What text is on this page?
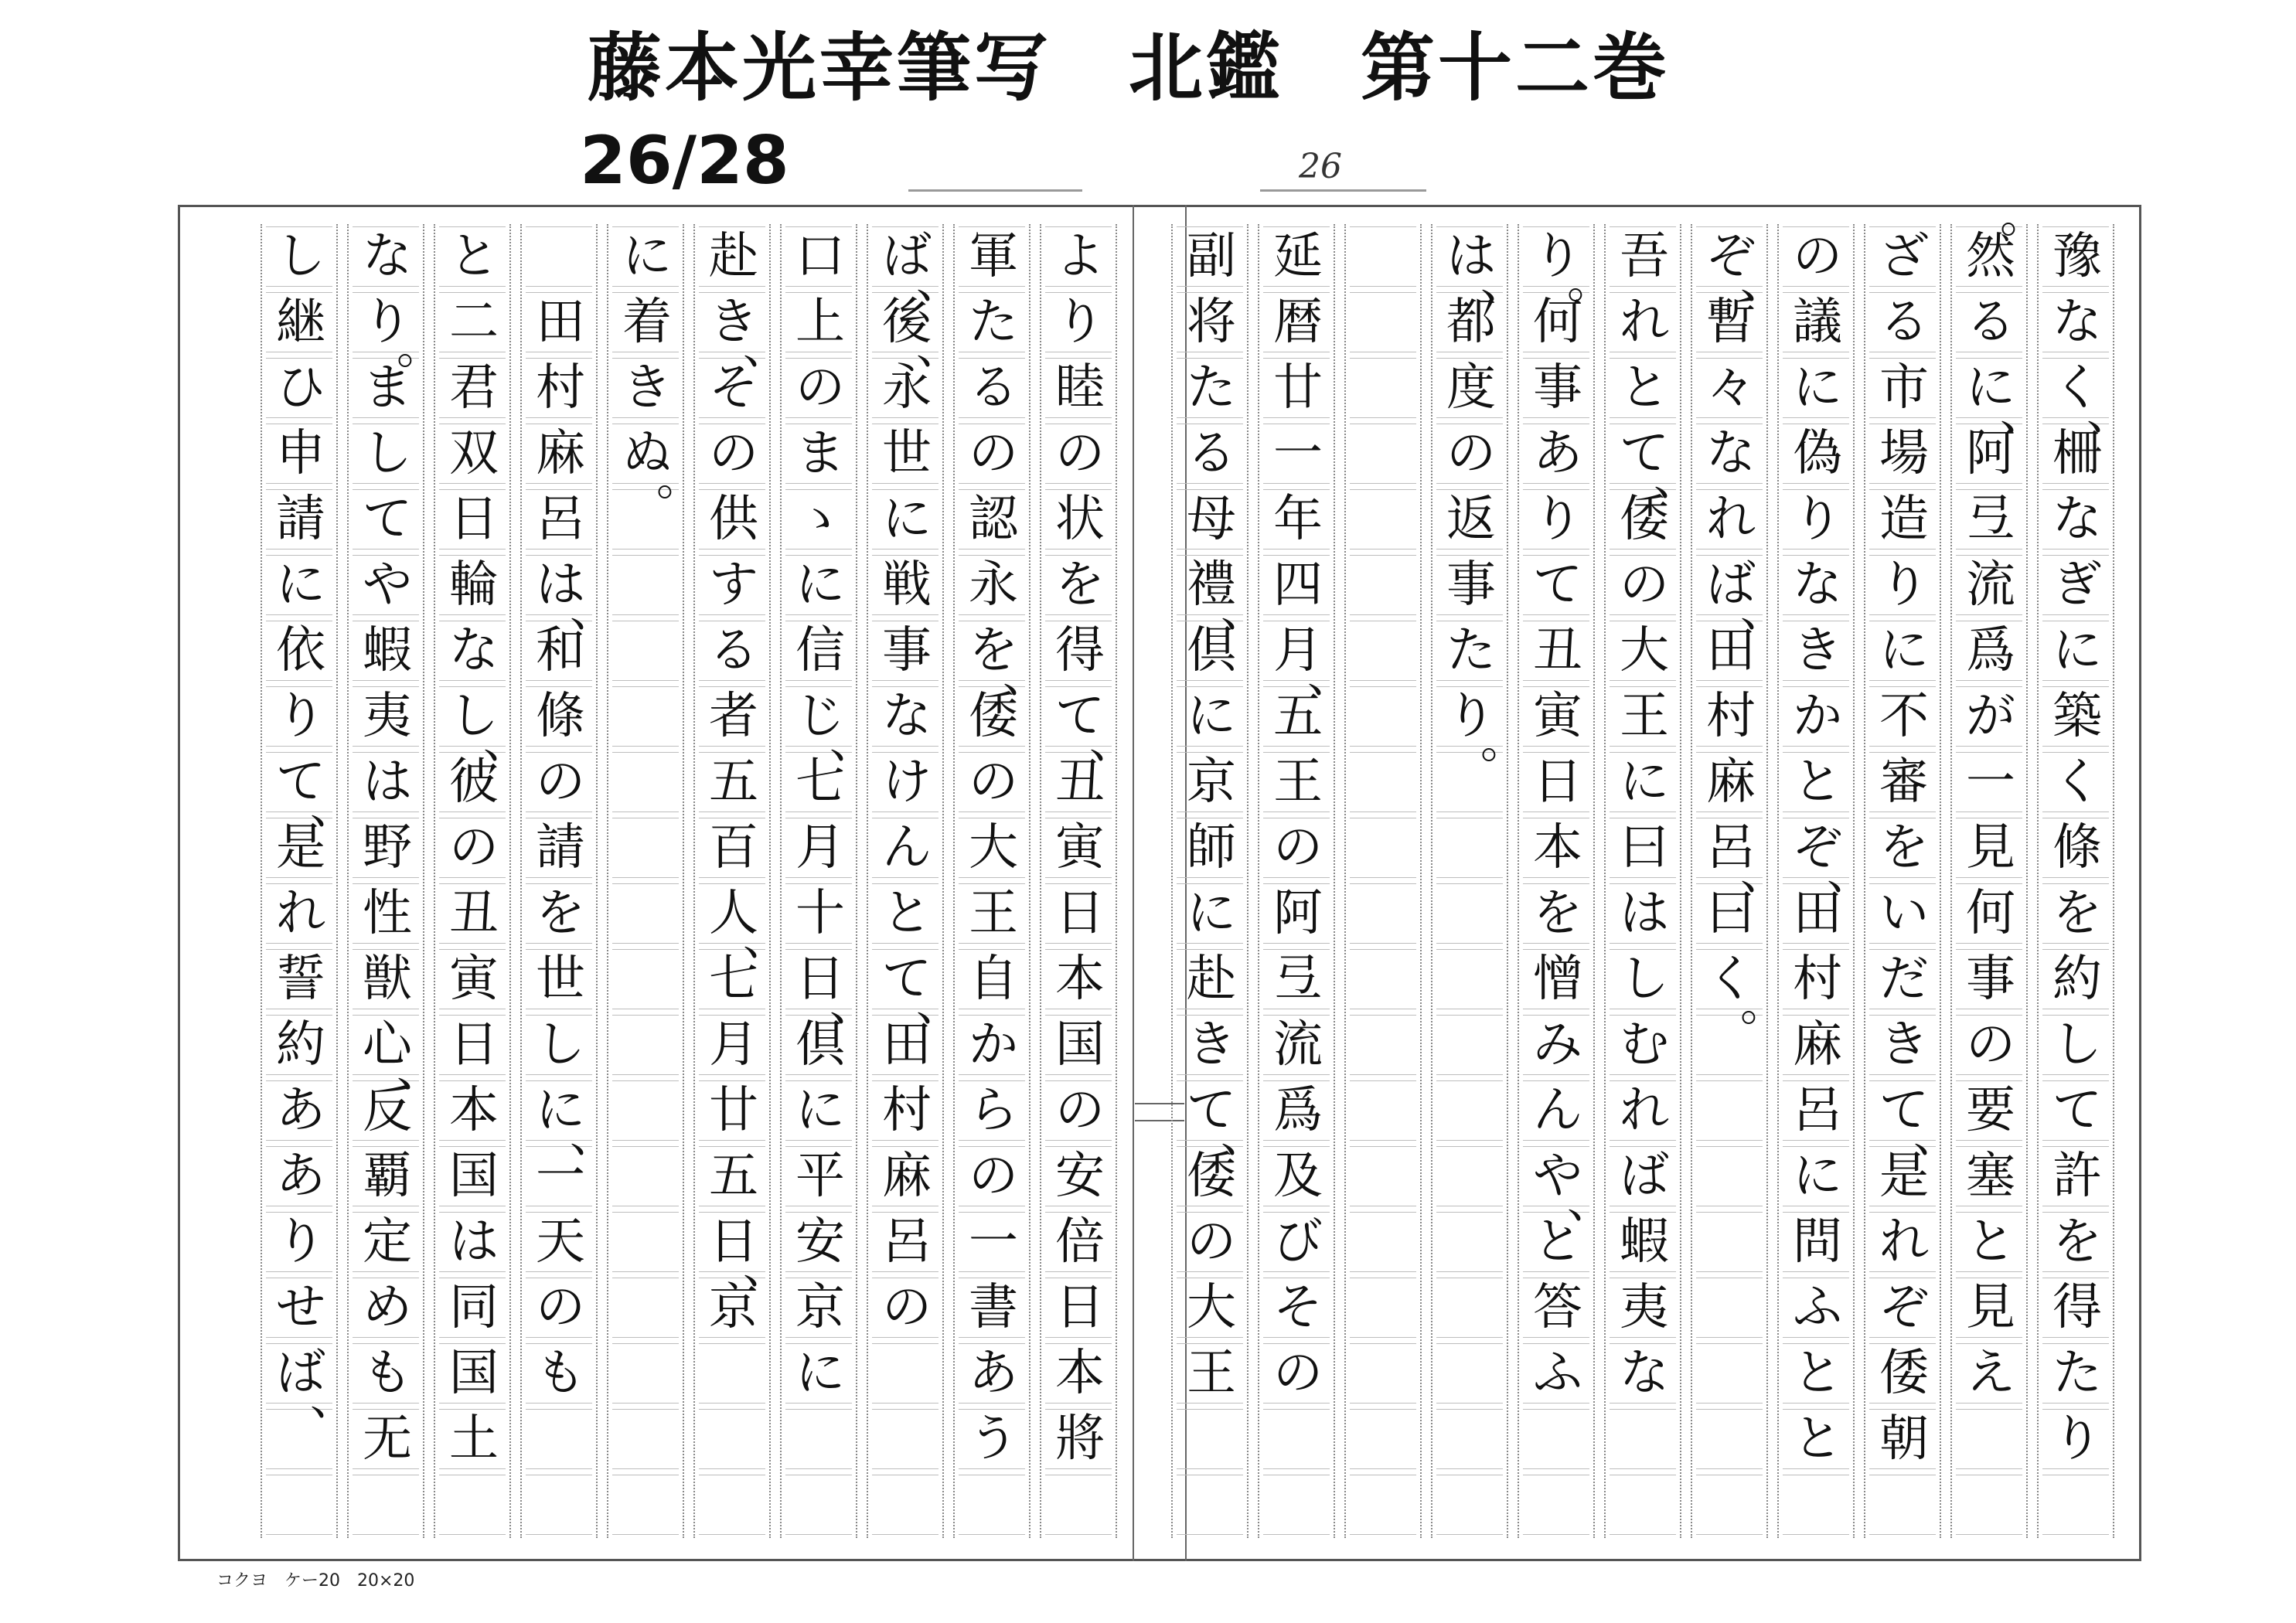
藤本光幸筆写　北鑑　第十二巻
26/28	26
豫
な
く
、
柵
な
ぎ
に
築
く
條
を
約
し
て
許
を
得
た
り
。
然
る
に
、
阿
弖
流
爲
が
一
見
何
事
の
要
塞
と
見
え
ざ
る
市
場
造
り
に
不
審
を
い
だ
き
て
、
是
れ
ぞ
倭
朝
の
議
に
偽
り
な
き
か
と
ぞ
、
田
村
麻
呂
に
問
ふ
と
と
ぞ
、
暫
々
な
れ
ば
、
田
村
麻
呂
、
曰
く
。
吾
れ
と
て
、
倭
の
大
王
に
曰
は
し
む
れ
ば
蝦
夷
な
り
。
何
事
あ
り
て
丑
寅
日
本
を
憎
み
ん
や
、
と
答
ふ
は
、
都
度
の
返
事
た
り
。
延
暦
廿
一
年
四
月
、
五
王
の
阿
弖
流
爲
及
び
そ
の
副
将
た
る
母
禮
、
倶
に
京
師
に
赴
き
て
、
倭
の
大
王
よ
り
睦
の
状
を
得
て
、
丑
寅
日
本
国
の
安
倍
日
本
將
軍
た
る
の
認
永
を
、
倭
の
大
王
自
か
ら
の
一
書
あ
う
ば
、
後
、
永
世
に
戦
事
な
け
ん
と
て
、
田
村
麻
呂
の
口
上
の
ま
ゝ
に
信
じ
、
七
月
十
日
、
倶
に
平
安
京
に
赴
き
、
そ
の
供
す
る
者
五
百
人
、
七
月
廿
五
日
、
京
に
着
き
ぬ
。
田
村
麻
呂
は
、
和
條
の
請
を
世
し
に
、
一
天
の
も
と
二
君
双
日
輪
な
し
、
彼
の
丑
寅
日
本
国
は
同
国
土
な
り
。
ま
し
て
や
蝦
夷
は
野
性
獣
心
、
反
覇
定
め
も
无
し
継
ひ
申
請
に
依
り
て
、
是
れ
誓
約
あ
あ
り
せ
ば
、
コクヨ　ケー20　20×20
